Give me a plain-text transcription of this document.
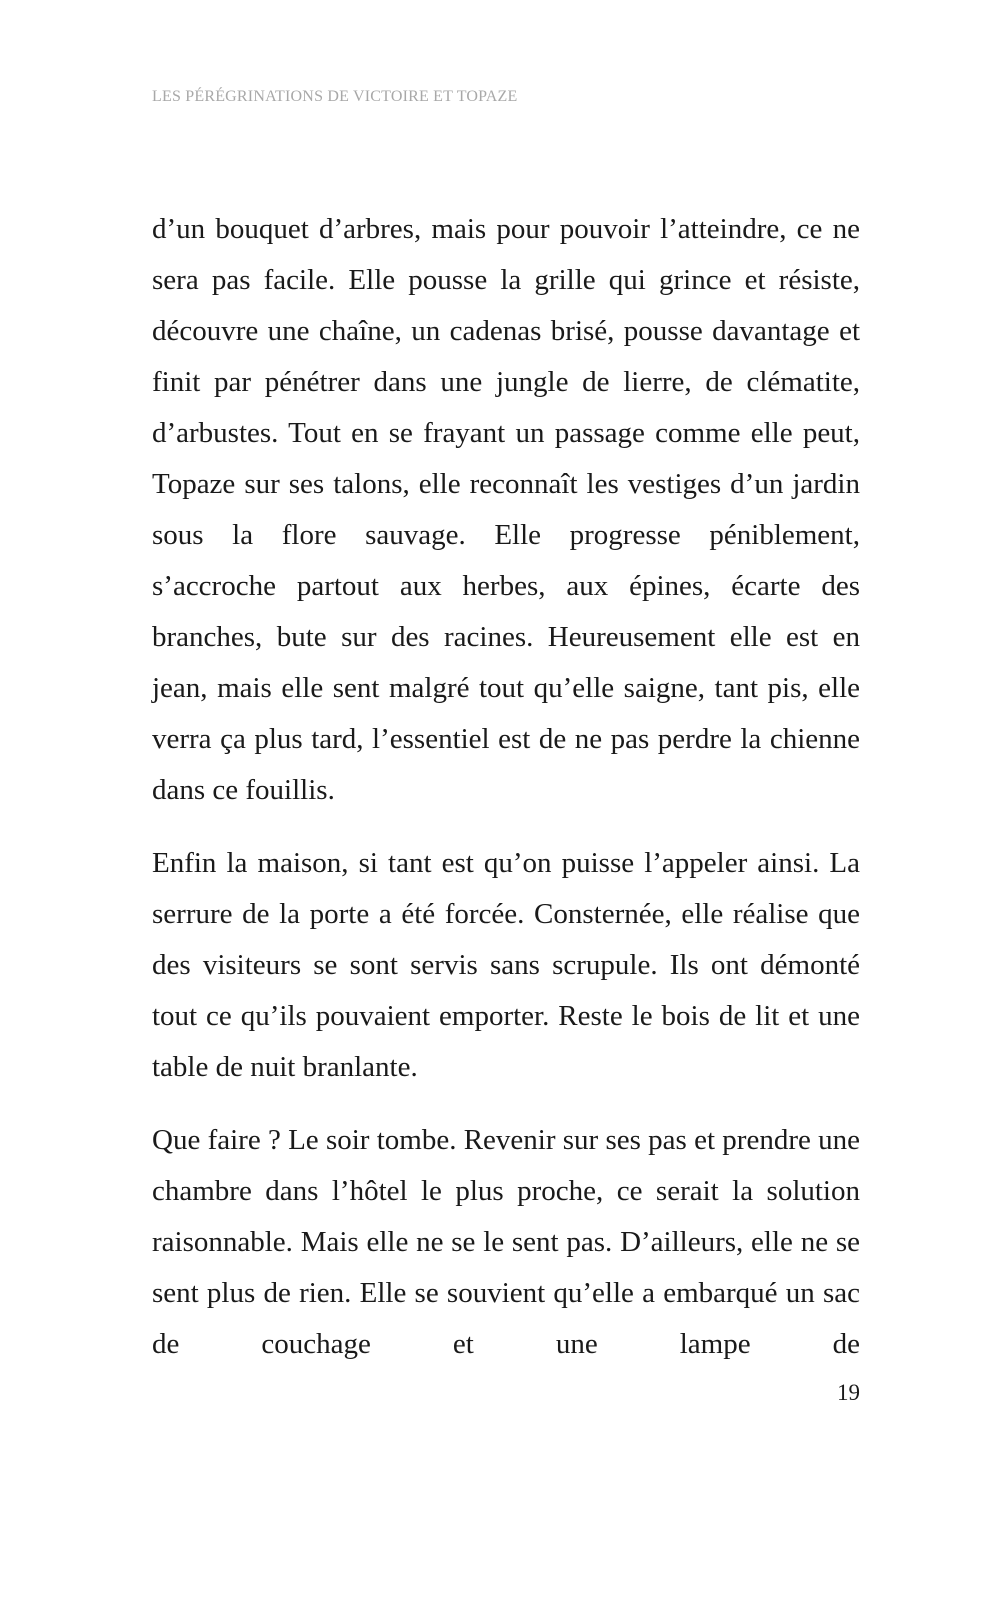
LES PÉRÉGRINATIONS DE VICTOIRE ET TOPAZE

d’un bouquet d’arbres, mais pour pouvoir l’atteindre, ce ne sera pas facile. Elle pousse la grille qui grince et résiste, découvre une chaîne, un cadenas brisé, pousse davantage et finit par pénétrer dans une jungle de lierre, de clématite, d’arbustes. Tout en se frayant un passage comme elle peut, Topaze sur ses talons, elle reconnaît les vestiges d’un jardin sous la flore sauvage. Elle progresse péniblement, s’accroche partout aux herbes, aux épines, écarte des branches, bute sur des racines. Heureusement elle est en jean, mais elle sent malgré tout qu’elle saigne, tant pis, elle verra ça plus tard, l’essentiel est de ne pas perdre la chienne dans ce fouillis.

Enfin la maison, si tant est qu’on puisse l’appeler ainsi. La serrure de la porte a été forcée. Consternée, elle réalise que des visiteurs se sont servis sans scrupule. Ils ont démonté tout ce qu’ils pouvaient emporter. Reste le bois de lit et une table de nuit branlante.

Que faire ? Le soir tombe. Revenir sur ses pas et prendre une chambre dans l’hôtel le plus proche, ce serait la solution raisonnable. Mais elle ne se le sent pas. D’ailleurs, elle ne se sent plus de rien. Elle se souvient qu’elle a embarqué un sac de couchage et une lampe de

19
